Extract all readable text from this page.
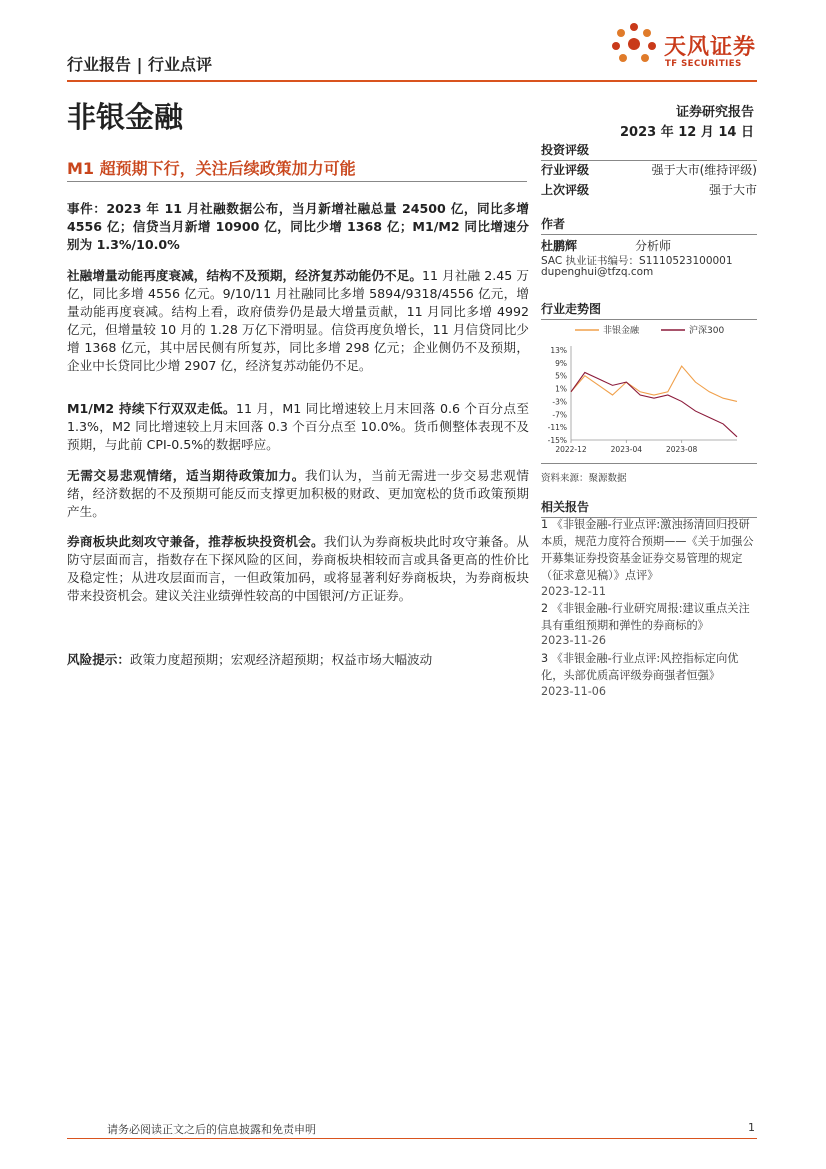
行业报告 | 行业点评
天风证券
TF SECURITIES
非银金融	证券研究报告
2023 年 12 月 14 日
M1 超预期下行，关注后续政策加力可能
事件：2023 年 11 月社融数据公布，当月新增社融总量 24500 亿，同比多增 4556 亿；信贷当月新增 10900 亿，同比少增 1368 亿；M1/M2 同比增速分别为 1.3%/10.0%
社融增量动能再度衰减，结构不及预期，经济复苏动能仍不足。11 月社融 2.45 万亿，同比多增 4556 亿元。9/10/11 月社融同比多增 5894/9318/4556 亿元，增量动能再度衰减。结构上看，政府债券仍是最大增量贡献，11 月同比多增 4992 亿元，但增量较 10 月的 1.28 万亿下滑明显。信贷再度负增长，11 月信贷同比少增 1368 亿元，其中居民侧有所复苏，同比多增 298 亿元；企业侧仍不及预期，企业中长贷同比少增 2907 亿，经济复苏动能仍不足。
M1/M2 持续下行双双走低。11 月，M1 同比增速较上月末回落 0.6 个百分点至 1.3%，M2 同比增速较上月末回落 0.3 个百分点至 10.0%。货币侧整体表现不及预期，与此前 CPI-0.5%的数据呼应。
无需交易悲观情绪，适当期待政策加力。我们认为，当前无需进一步交易悲观情绪，经济数据的不及预期可能反而支撑更加积极的财政、更加宽松的货币政策预期产生。
券商板块此刻攻守兼备，推荐板块投资机会。我们认为券商板块此时攻守兼备。从防守层面而言，指数存在下探风险的区间，券商板块相较而言或具备更高的性价比及稳定性；从进攻层面而言，一但政策加码，或将显著利好券商板块，为券商板块带来投资机会。建议关注业绩弹性较高的中国银河/方正证券。
风险提示：政策力度超预期；宏观经济超预期；权益市场大幅波动
投资评级
行业评级	强于大市(维持评级)
上次评级	强于大市
作者
杜鹏辉	分析师
SAC 执业证书编号：S1110523100001
dupenghui@tfzq.com
行业走势图
非银金融	沪深300
13%
9%
5%
1%
-3%
-7%
-11%
-15%
2022-12	2023-04	2023-08
资料来源：聚源数据
相关报告
1 《非银金融-行业点评:激浊扬清回归投研本质，规范力度符合预期——《关于加强公开募集证券投资基金证券交易管理的规定（征求意见稿）》点评》
2023-12-11
2 《非银金融-行业研究周报:建议重点关注具有重组预期和弹性的券商标的》
2023-11-26
3 《非银金融-行业点评:风控指标定向优化，头部优质高评级券商强者恒强》
2023-11-06
请务必阅读正文之后的信息披露和免责申明	1
